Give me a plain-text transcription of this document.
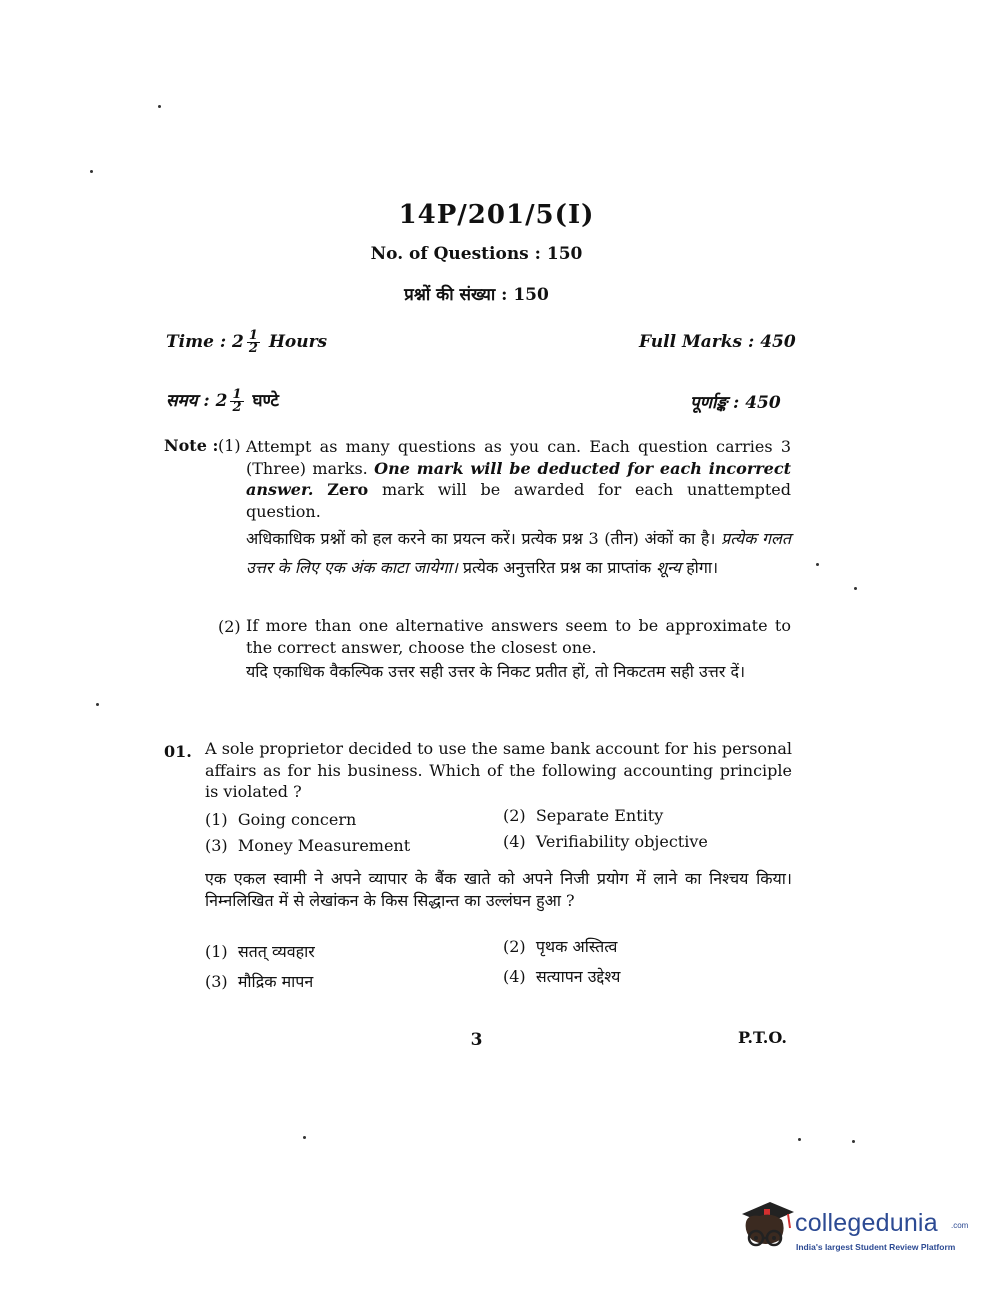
14P/201/5(I)
No. of Questions : 150
प्रश्नों की संख्या : 150
Time : $2 \frac{1}{2}$ Hours	Full Marks : 450
समय : $2 \frac{1}{2}$ घण्टे	पूर्णाङ्क : 450
Note : (1) Attempt as many questions as you can. Each question carries 3 (Three) marks. One mark will be deducted for each incorrect answer. Zero mark will be awarded for each unattempted question.
अधिकाधिक प्रश्नों को हल करने का प्रयत्न करें। प्रत्येक प्रश्न 3 (तीन) अंकों का है। प्रत्येक गलत उत्तर के लिए एक अंक काटा जायेगा। प्रत्येक अनुत्तरित प्रश्न का प्राप्तांक शून्य होगा।
(2) If more than one alternative answers seem to be approximate to the correct answer, choose the closest one.
यदि एकाधिक वैकल्पिक उत्तर सही उत्तर के निकट प्रतीत हों, तो निकटतम सही उत्तर दें।
01. A sole proprietor decided to use the same bank account for his personal affairs as for his business. Which of the following accounting principle is violated ?
(1) Going concern	(2) Separate Entity
(3) Money Measurement	(4) Verifiability objective
एक एकल स्वामी ने अपने व्यापार के बैंक खाते को अपने निजी प्रयोग में लाने का निश्चय किया। निम्नलिखित में से लेखांकन के किस सिद्धान्त का उल्लंघन हुआ ?
(1) सतत् व्यवहार	(2) पृथक अस्तित्व
(3) मौद्रिक मापन	(4) सत्यापन उद्देश्य
3	P.T.O.
collegedunia .com
India's largest Student Review Platform
